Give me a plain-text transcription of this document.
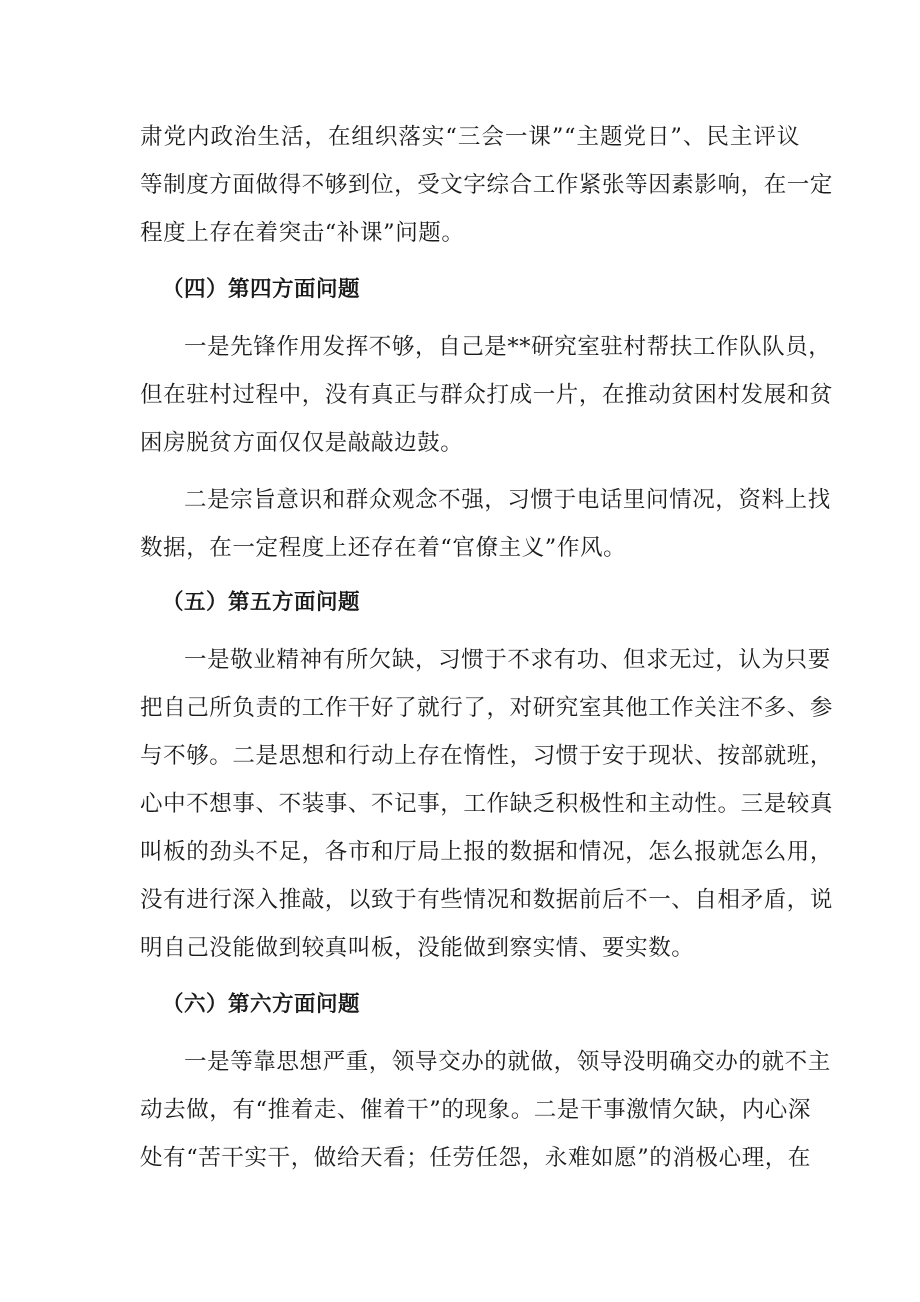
肃党内政治生活，在组织落实“三会一课”“主题党日”、民主评议
等制度方面做得不够到位，受文字综合工作紧张等因素影响，在一定
程度上存在着突击“补课”问题。
（四）第四方面问题
一是先锋作用发挥不够，自己是**研究室驻村帮扶工作队队员，
但在驻村过程中，没有真正与群众打成一片，在推动贫困村发展和贫
困房脱贫方面仅仅是敲敲边鼓。
二是宗旨意识和群众观念不强，习惯于电话里问情况，资料上找
数据，在一定程度上还存在着“官僚主义”作风。
（五）第五方面问题
一是敬业精神有所欠缺，习惯于不求有功、但求无过，认为只要
把自己所负责的工作干好了就行了，对研究室其他工作关注不多、参
与不够。二是思想和行动上存在惰性，习惯于安于现状、按部就班，
心中不想事、不装事、不记事，工作缺乏积极性和主动性。三是较真
叫板的劲头不足，各市和厅局上报的数据和情况，怎么报就怎么用，
没有进行深入推敲，以致于有些情况和数据前后不一、自相矛盾，说
明自己没能做到较真叫板，没能做到察实情、要实数。
（六）第六方面问题
一是等靠思想严重，领导交办的就做，领导没明确交办的就不主
动去做，有“推着走、催着干”的现象。二是干事激情欠缺，内心深
处有“苦干实干，做给天看；任劳任怨，永难如愿”的消极心理，在
